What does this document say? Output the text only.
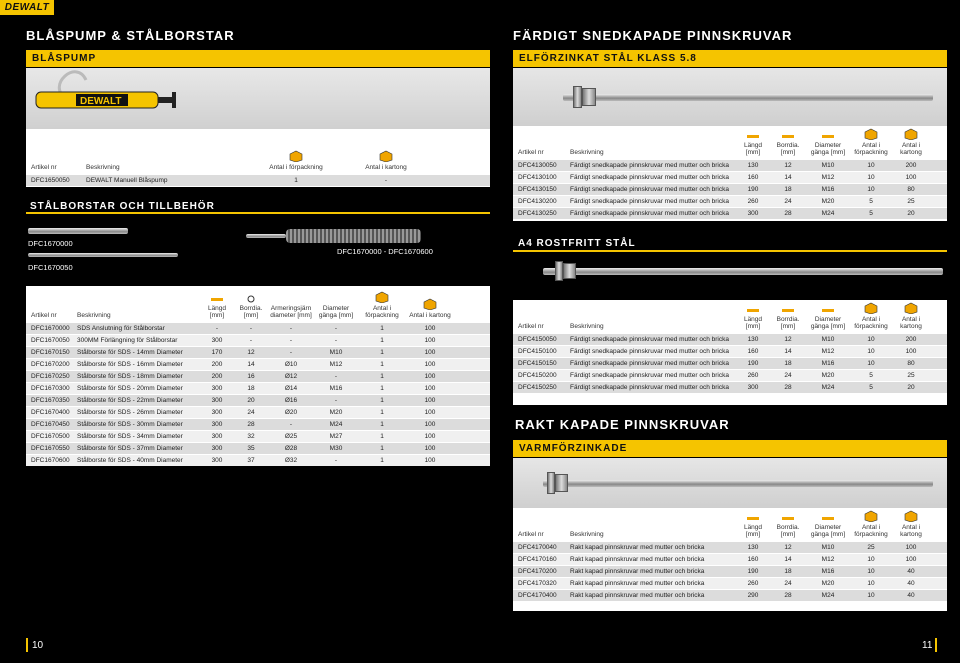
DEWALT
BLÅSPUMP & STÅLBORSTAR
BLÅSPUMP
DEWALT
Artikel nr	Beskrivning	Antal i förpackning	Antal i kartong	
DFC1650050	DEWALT Manuell Blåspump	1	-	
STÅLBORSTAR OCH TILLBEHÖR
DFC1670000
DFC1670050
DFC1670000 - DFC1670600
Artikel nr	Beskrivning	Längd [mm]	Borrdia. [mm]	Armeringsjärn diameter [mm]	Diameter gänga [mm]	Antal i förpackning	Antal i kartong	
DFC1670000	SDS Anslutning för Stålborstar	-	-	-	-	1	100	
DFC1670050	300MM Förlängning för Stålborstar	300	-	-	-	1	100	
DFC1670150	Stålborste för SDS - 14mm Diameter	170	12	-	M10	1	100	
DFC1670200	Stålborste för SDS - 16mm Diameter	200	14	Ø10	M12	1	100	
DFC1670250	Stålborste för SDS - 18mm Diameter	200	16	Ø12	-	1	100	
DFC1670300	Stålborste för SDS - 20mm Diameter	300	18	Ø14	M16	1	100	
DFC1670350	Stålborste för SDS - 22mm Diameter	300	20	Ø16	-	1	100	
DFC1670400	Stålborste för SDS - 26mm Diameter	300	24	Ø20	M20	1	100	
DFC1670450	Stålborste för SDS - 30mm Diameter	300	28	-	M24	1	100	
DFC1670500	Stålborste för SDS - 34mm Diameter	300	32	Ø25	M27	1	100	
DFC1670550	Stålborste för SDS - 37mm Diameter	300	35	Ø28	M30	1	100	
DFC1670600	Stålborste för SDS - 40mm Diameter	300	37	Ø32	-	1	100	
FÄRDIGT SNEDKAPADE PINNSKRUVAR
ELFÖRZINKAT STÅL KLASS 5.8
Artikel nr	Beskrivning	Längd [mm]	Borrdia. [mm]	Diameter gänga [mm]	Antal i förpackning	Antal i kartong	
DFC4130050	Färdigt snedkapade pinnskruvar med mutter och bricka	130	12	M10	10	200	
DFC4130100	Färdigt snedkapade pinnskruvar med mutter och bricka	160	14	M12	10	100	
DFC4130150	Färdigt snedkapade pinnskruvar med mutter och bricka	190	18	M16	10	80	
DFC4130200	Färdigt snedkapade pinnskruvar med mutter och bricka	260	24	M20	5	25	
DFC4130250	Färdigt snedkapade pinnskruvar med mutter och bricka	300	28	M24	5	20	
A4 ROSTFRITT STÅL
Artikel nr	Beskrivning	Längd [mm]	Borrdia. [mm]	Diameter gänga [mm]	Antal i förpackning	Antal i kartong	
DFC4150050	Färdigt snedkapade pinnskruvar med mutter och bricka	130	12	M10	10	200	
DFC4150100	Färdigt snedkapade pinnskruvar med mutter och bricka	160	14	M12	10	100	
DFC4150150	Färdigt snedkapade pinnskruvar med mutter och bricka	190	18	M16	10	80	
DFC4150200	Färdigt snedkapade pinnskruvar med mutter och bricka	260	24	M20	5	25	
DFC4150250	Färdigt snedkapade pinnskruvar med mutter och bricka	300	28	M24	5	20	
RAKT KAPADE PINNSKRUVAR
VARMFÖRZINKADE
Artikel nr	Beskrivning	Längd [mm]	Borrdia. [mm]	Diameter gänga [mm]	Antal i förpackning	Antal i kartong	
DFC4170040	Rakt kapad pinnskruvar med mutter och bricka	130	12	M10	25	100	
DFC4170160	Rakt kapad pinnskruvar med mutter och bricka	160	14	M12	10	100	
DFC4170200	Rakt kapad pinnskruvar med mutter och bricka	190	18	M16	10	40	
DFC4170320	Rakt kapad pinnskruvar med mutter och bricka	260	24	M20	10	40	
DFC4170400	Rakt kapad pinnskruvar med mutter och bricka	290	28	M24	10	40	
10	11
